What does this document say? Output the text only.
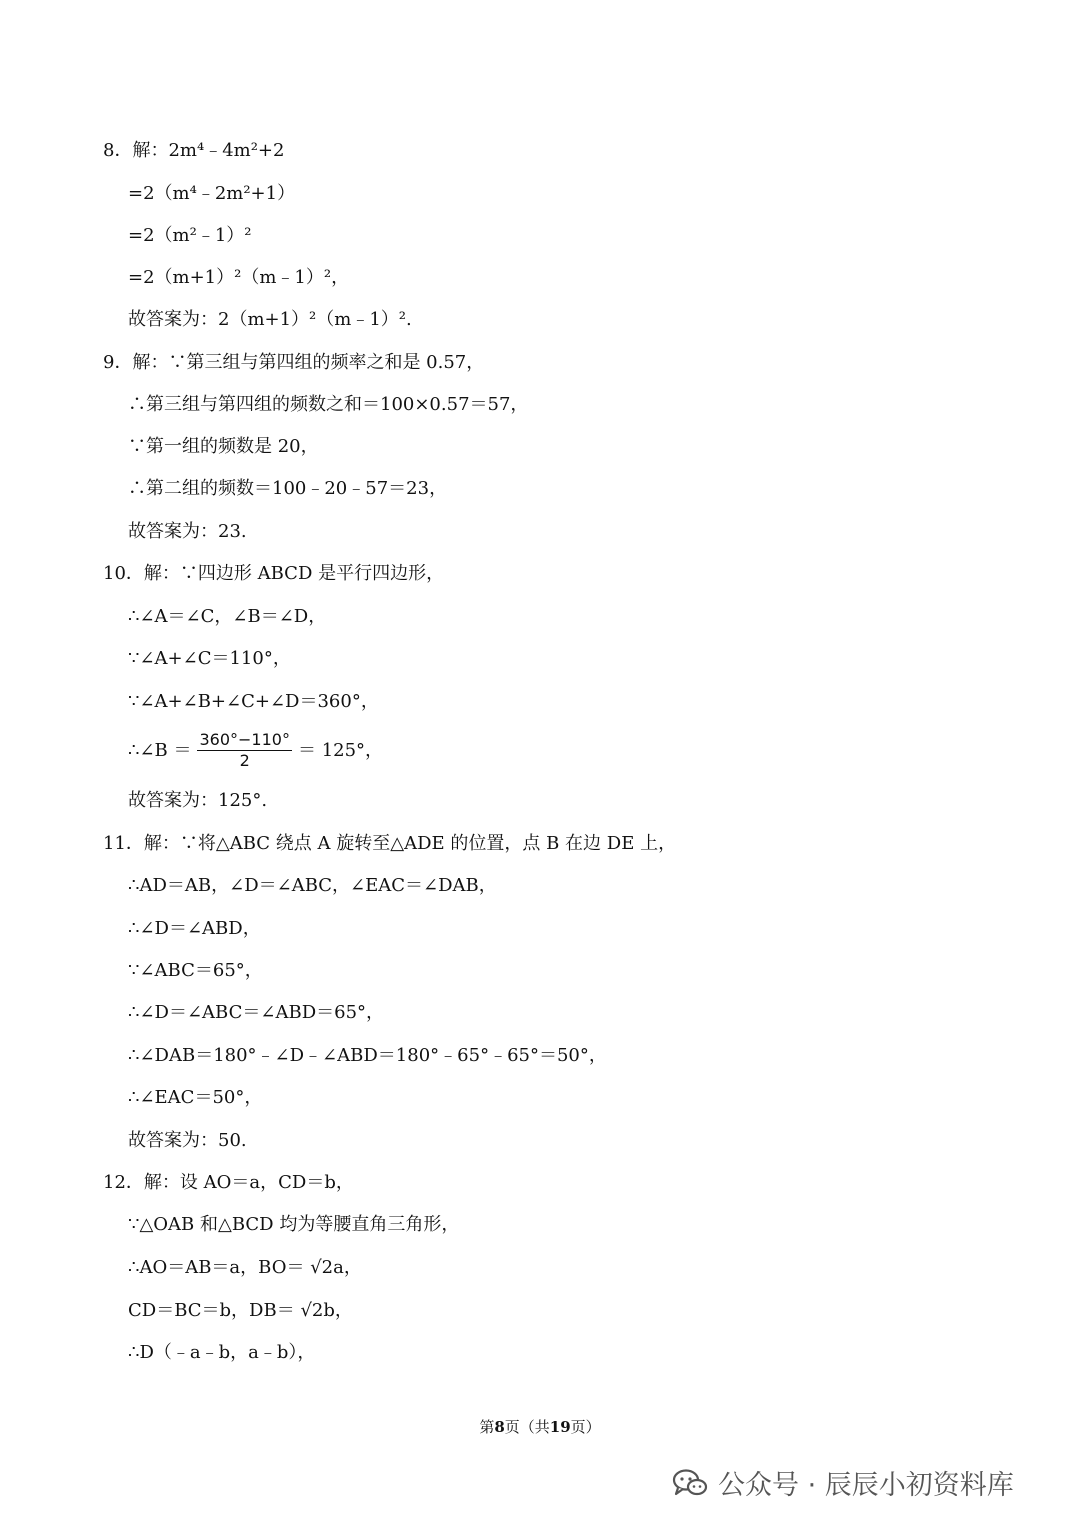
8．解：2m⁴﹣4m²+2
=2（m⁴﹣2m²+1）
=2（m²﹣1）²
=2（m+1）²（m﹣1）²，
故答案为：2（m+1）²（m﹣1）².
9．解：∵第三组与第四组的频率之和是 0.57，
∴第三组与第四组的频数之和＝100×0.57＝57，
∵第一组的频数是 20，
∴第二组的频数＝100﹣20﹣57＝23，
故答案为：23.
10．解：∵四边形 ABCD 是平行四边形，
∴∠A＝∠C，∠B＝∠D，
∵∠A+∠C＝110°，
∵∠A+∠B+∠C+∠D＝360°，
∴∠B ＝ $\frac{360^\circ-110^\circ}{2} = 125^\circ$，
故答案为：125°.
11．解：∵将△ABC 绕点 A 旋转至△ADE 的位置，点 B 在边 DE 上，
∴AD＝AB，∠D＝∠ABC，∠EAC＝∠DAB，
∴∠D＝∠ABD，
∵∠ABC＝65°，
∴∠D＝∠ABC＝∠ABD＝65°，
∴∠DAB＝180°﹣∠D﹣∠ABD＝180°﹣65°﹣65°＝50°，
∴∠EAC＝50°，
故答案为：50.
12．解：设 AO＝a，CD＝b，
∵△OAB 和△BCD 均为等腰直角三角形，
∴AO＝AB＝a，BO＝ √2a，
CD＝BC＝b，DB＝ √2b，
∴D（﹣a﹣b，a﹣b），
第8页（共19页）
公众号 · 辰辰小初资料库
